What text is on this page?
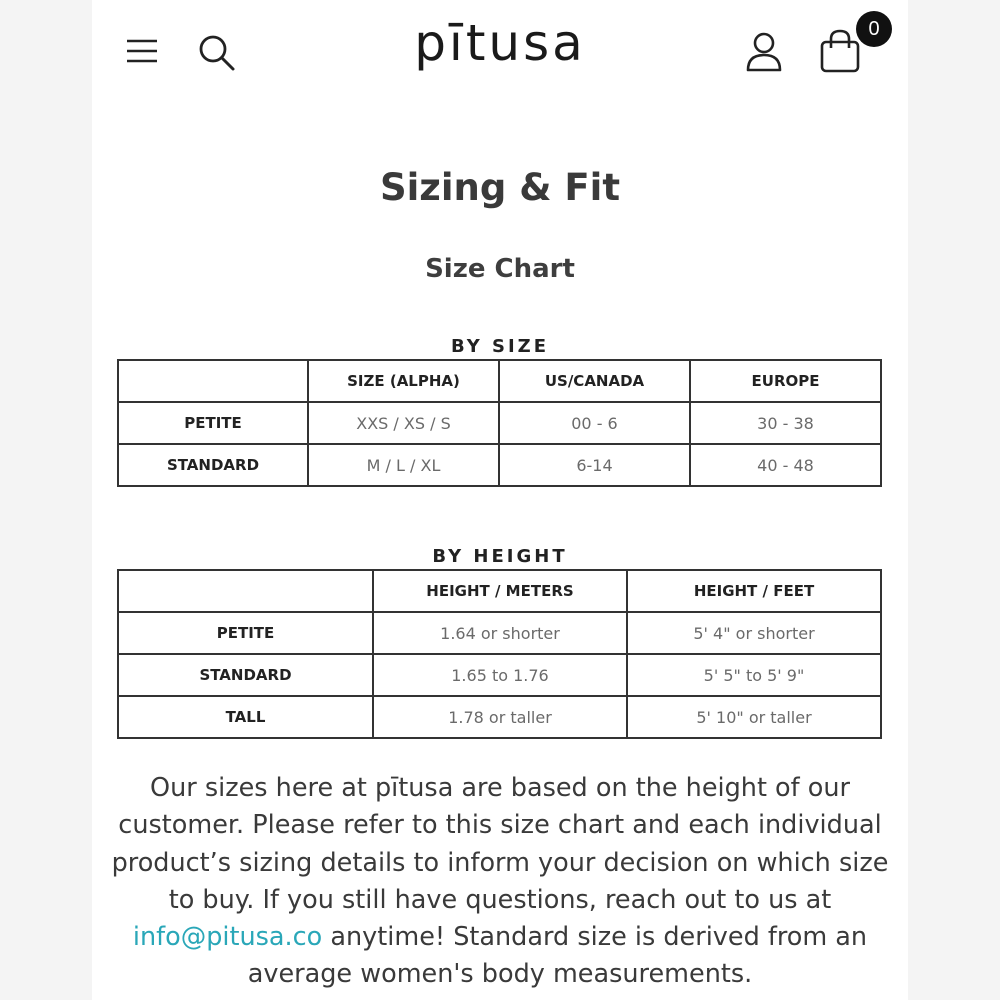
pītusa	0
Sizing & Fit
Size Chart
BY SIZE
	SIZE (ALPHA)	US/CANADA	EUROPE
PETITE	XXS / XS / S	00 - 6	30 - 38
STANDARD	M / L / XL	6-14	40 - 48
BY HEIGHT
	HEIGHT / METERS	HEIGHT / FEET
PETITE	1.64 or shorter	5' 4" or shorter
STANDARD	1.65 to 1.76	5' 5" to 5' 9"
TALL	1.78 or taller	5' 10" or taller

Our sizes here at pītusa are based on the height of our customer. Please refer to this size chart and each individual product’s sizing details to inform your decision on which size to buy. If you still have questions, reach out to us at info@pitusa.co anytime! Standard size is derived from an average women's body measurements.
